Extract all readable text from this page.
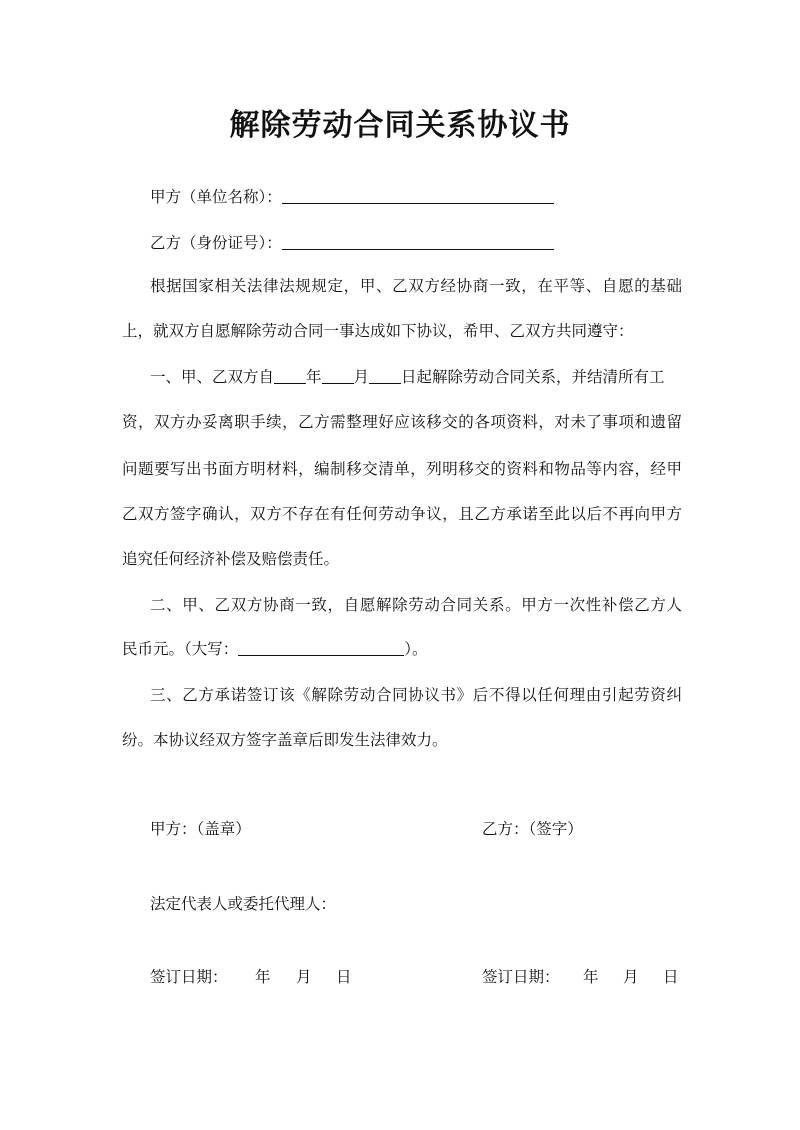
解除劳动合同关系协议书
甲方（单位名称）：
乙方（身份证号）：
根据国家相关法律法规规定，甲、乙双方经协商一致，在平等、自愿的基础
上，就双方自愿解除劳动合同一事达成如下协议，希甲、乙双方共同遵守：
一、甲、乙双方自 年 月 日起解除劳动合同关系，并结清所有工
资，双方办妥离职手续，乙方需整理好应该移交的各项资料，对未了事项和遗留
问题要写出书面方明材料，编制移交清单，列明移交的资料和物品等内容，经甲
乙双方签字确认，双方不存在有任何劳动争议，且乙方承诺至此以后不再向甲方
追究任何经济补偿及赔偿责任。
二、甲、乙双方协商一致，自愿解除劳动合同关系。甲方一次性补偿乙方人
民币元。（大写：	）。
三、乙方承诺签订该《解除劳动合同协议书》后不得以任何理由引起劳资纠
纷。本协议经双方签字盖章后即发生法律效力。
甲方：（盖章）	乙方：（签字）
法定代表人或委托代理人：
签订日期： 年 月 日	签订日期： 年 月 日
